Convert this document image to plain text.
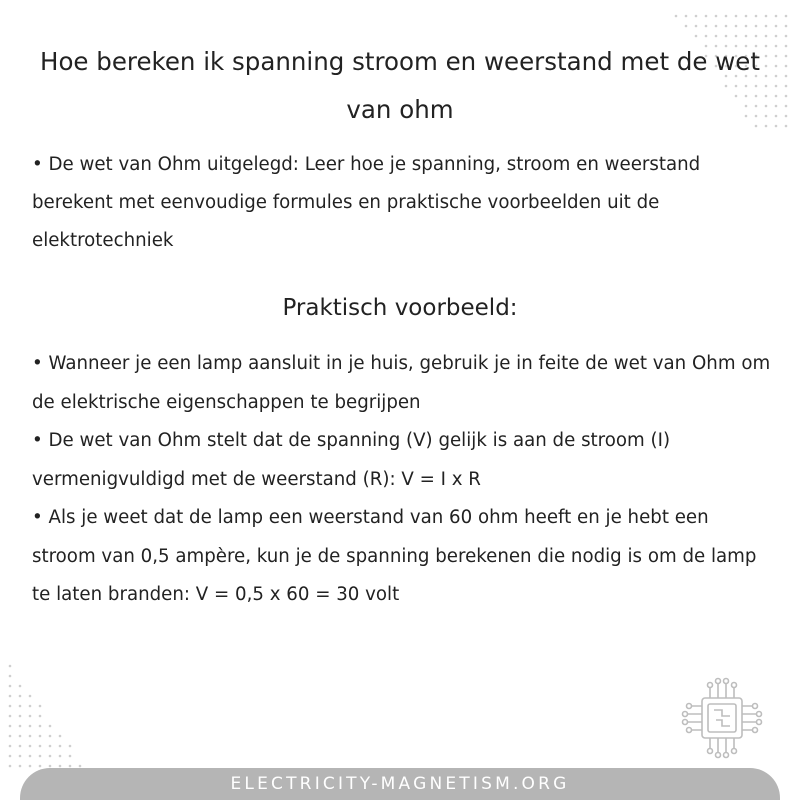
Hoe bereken ik spanning stroom en weerstand met de wet van ohm

• De wet van Ohm uitgelegd: Leer hoe je spanning, stroom en weerstand berekent met eenvoudige formules en praktische voorbeelden uit de elektrotechniek

Praktisch voorbeeld:
• Wanneer je een lamp aansluit in je huis, gebruik je in feite de wet van Ohm om de elektrische eigenschappen te begrijpen
• De wet van Ohm stelt dat de spanning (V) gelijk is aan de stroom (I) vermenigvuldigd met de weerstand (R): V = I x R
• Als je weet dat de lamp een weerstand van 60 ohm heeft en je hebt een stroom van 0,5 ampère, kun je de spanning berekenen die nodig is om de lamp te laten branden: V = 0,5 x 60 = 30 volt
ELECTRICITY-MAGNETISM.ORG
